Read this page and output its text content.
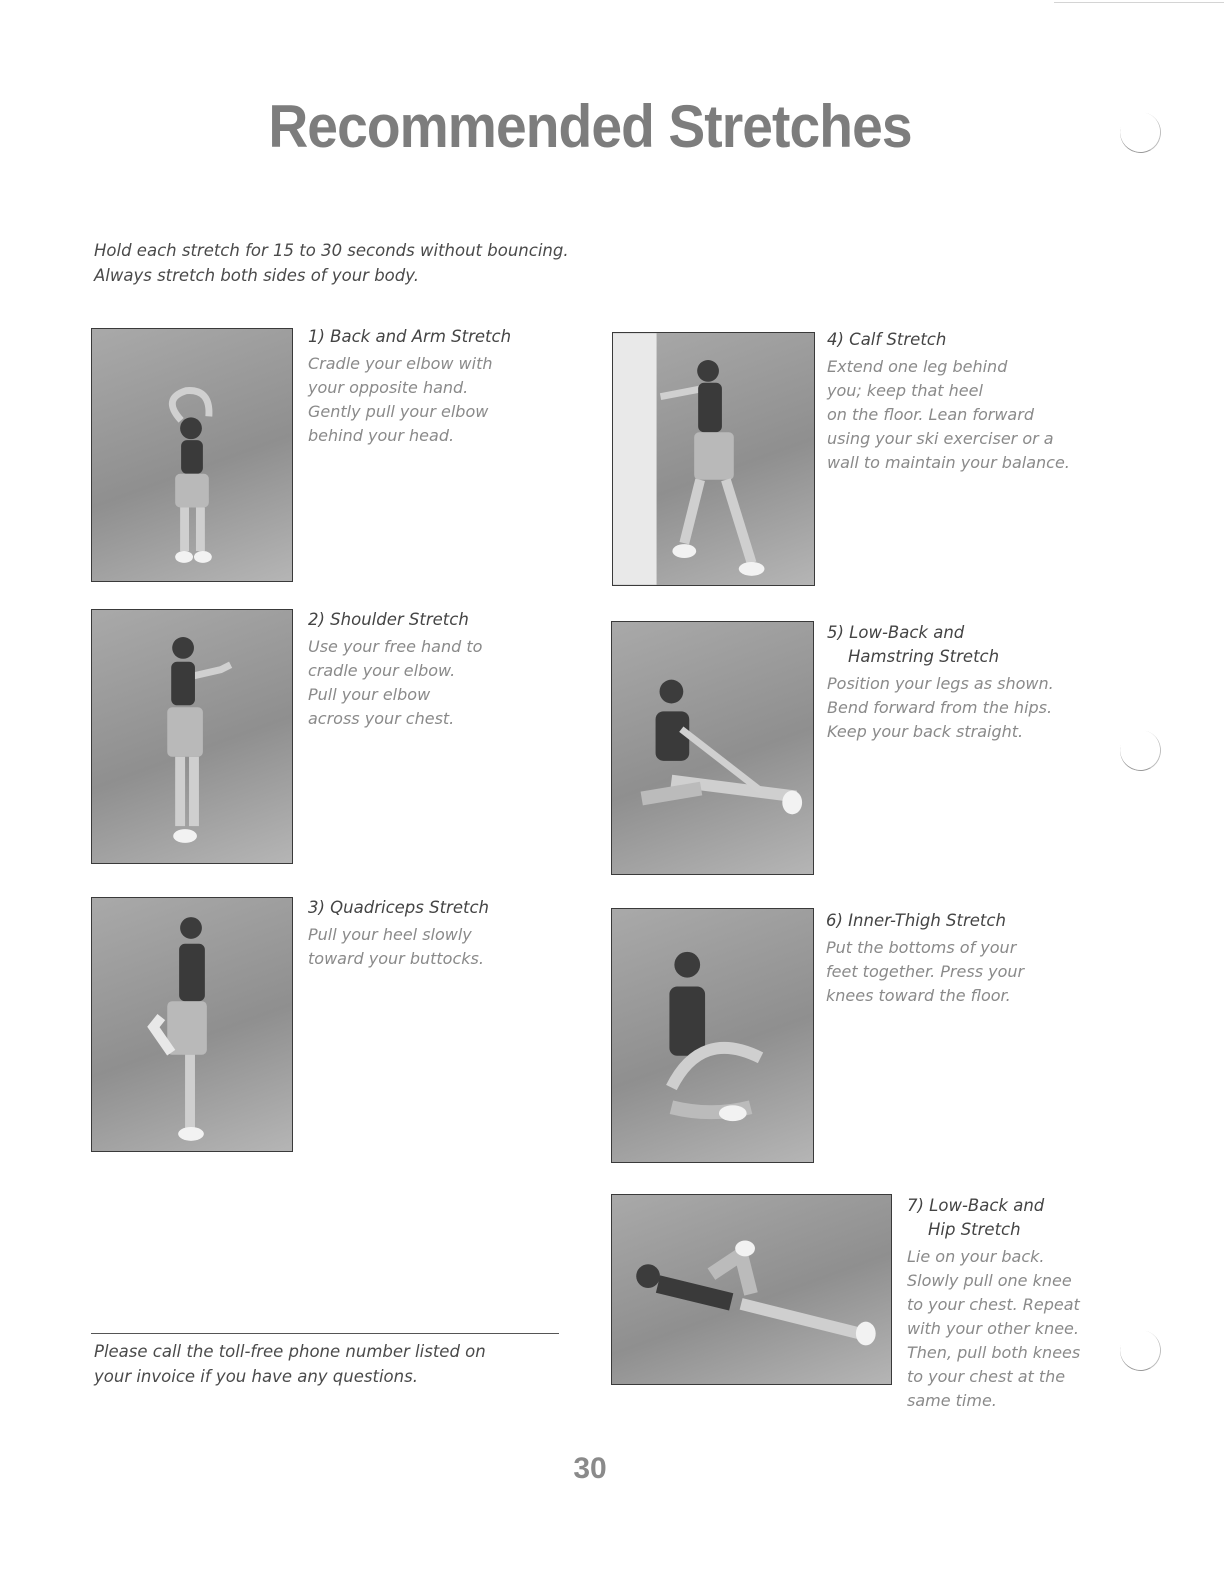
Recommended Stretches
Hold each stretch for 15 to 30 seconds without bouncing.
Always stretch both sides of your body.
1) Back and Arm Stretch
Cradle your elbow with
your opposite hand.
Gently pull your elbow
behind your head.
2) Shoulder Stretch
Use your free hand to
cradle your elbow.
Pull your elbow
across your chest.
3) Quadriceps Stretch
Pull your heel slowly
toward your buttocks.
4) Calf Stretch
Extend one leg behind
you; keep that heel
on the floor. Lean forward
using your ski exerciser or a
wall to maintain your balance.
5) Low-Back and
Hamstring Stretch
Position your legs as shown.
Bend forward from the hips.
Keep your back straight.
6) Inner-Thigh Stretch
Put the bottoms of your
feet together. Press your
knees toward the floor.
7) Low-Back and
Hip Stretch
Lie on your back.
Slowly pull one knee
to your chest. Repeat
with your other knee.
Then, pull both knees
to your chest at the
same time.
Please call the toll-free phone number listed on
your invoice if you have any questions.
30
